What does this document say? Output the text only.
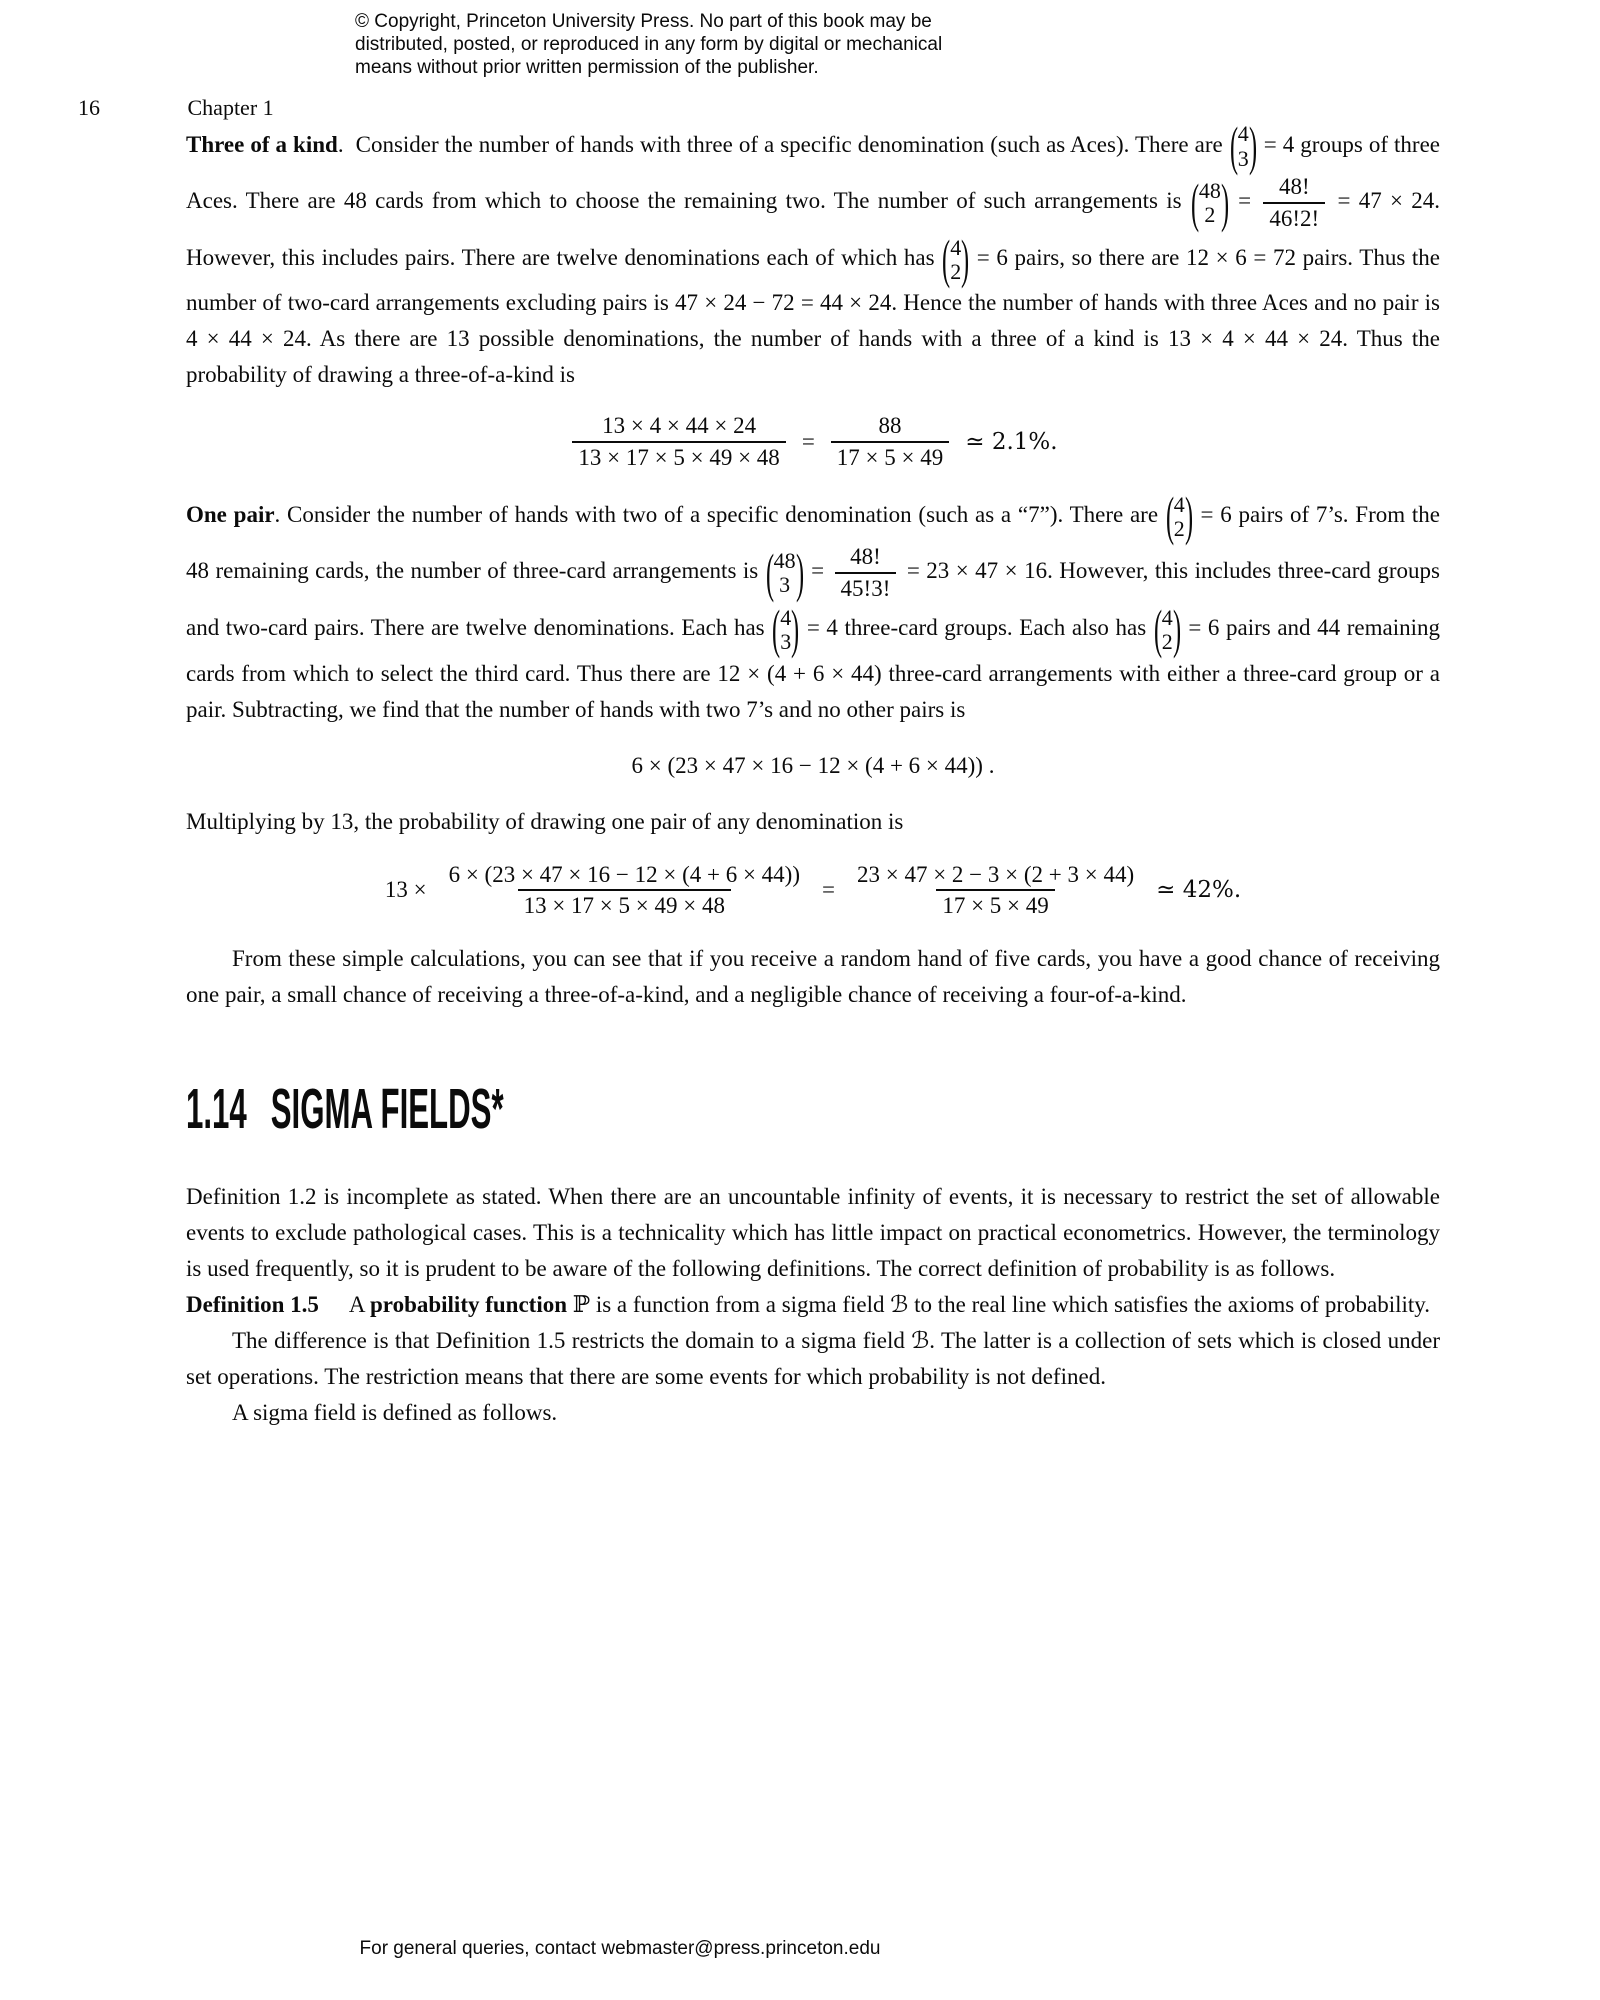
© Copyright, Princeton University Press. No part of this book may be
distributed, posted, or reproduced in any form by digital or mechanical
means without prior written permission of the publisher.
16	Chapter 1

Three of a kind.  Consider the number of hands with three of a specific denomination (such as Aces). There are ( 4
3 ) = 4 groups of three Aces. There are 48 cards from which to choose the remaining two. The number of such arrangements is ( 48
2 ) = $\frac{48!}{46!2!} = 47 \times 24$. However, this includes pairs. There are twelve denominations each of which has ( 4
2 ) = 6 pairs, so there are 12 × 6 = 72 pairs. Thus the number of two-card arrangements excluding pairs is 47 × 24 − 72 = 44 × 24. Hence the number of hands with three Aces and no pair is 4 × 44 × 24. As there are 13 possible denominations, the number of hands with a three of a kind is 13 × 4 × 44 × 24. Thus the probability of drawing a three-of-a-kind is

$\frac{13 \times 4 \times 44 \times 24}{13 \times 17 \times 5 \times 49 \times 48} = \frac{88}{17 \times 5 \times 49}$ ≃ 2.1%.

One pair. Consider the number of hands with two of a specific denomination (such as a “7”). There are ( 4
2 ) = 6 pairs of 7’s. From the 48 remaining cards, the number of three-card arrangements is ( 48
3 ) = $\frac{48!}{45!3!} = 23 \times 47 \times 16$. However, this includes three-card groups and two-card pairs. There are twelve denominations. Each has ( 4
3 ) = 4 three-card groups. Each also has ( 4
2 ) = 6 pairs and 44 remaining cards from which to select the third card. Thus there are 12 × (4 + 6 × 44) three-card arrangements with either a three-card group or a pair. Subtracting, we find that the number of hands with two 7’s and no other pairs is

6 × (23 × 47 × 16 − 12 × (4 + 6 × 44)) .

Multiplying by 13, the probability of drawing one pair of any denomination is

$13 \times \frac{6 \times (23 \times 47 \times 16 - 12 \times (4 + 6 \times 44))}{13 \times 17 \times 5 \times 49 \times 48} = \frac{23 \times 47 \times 2 - 3 \times (2 + 3 \times 44)}{17 \times 5 \times 49}$ ≃ 42%.

From these simple calculations, you can see that if you receive a random hand of five cards, you have a good chance of receiving one pair, a small chance of receiving a three-of-a-kind, and a negligible chance of receiving a four-of-a-kind.

1.14 SIGMA FIELDS*

Definition 1.2 is incomplete as stated. When there are an uncountable infinity of events, it is necessary to restrict the set of allowable events to exclude pathological cases. This is a technicality which has little impact on practical econometrics. However, the terminology is used frequently, so it is prudent to be aware of the following definitions. The correct definition of probability is as follows.

Definition 1.5 A probability function ℙ is a function from a sigma field ℬ to the real line which satisfies the axioms of probability.

The difference is that Definition 1.5 restricts the domain to a sigma field ℬ. The latter is a collection of sets which is closed under set operations. The restriction means that there are some events for which probability is not defined.

A sigma field is defined as follows.

For general queries, contact webmaster@press.princeton.edu
